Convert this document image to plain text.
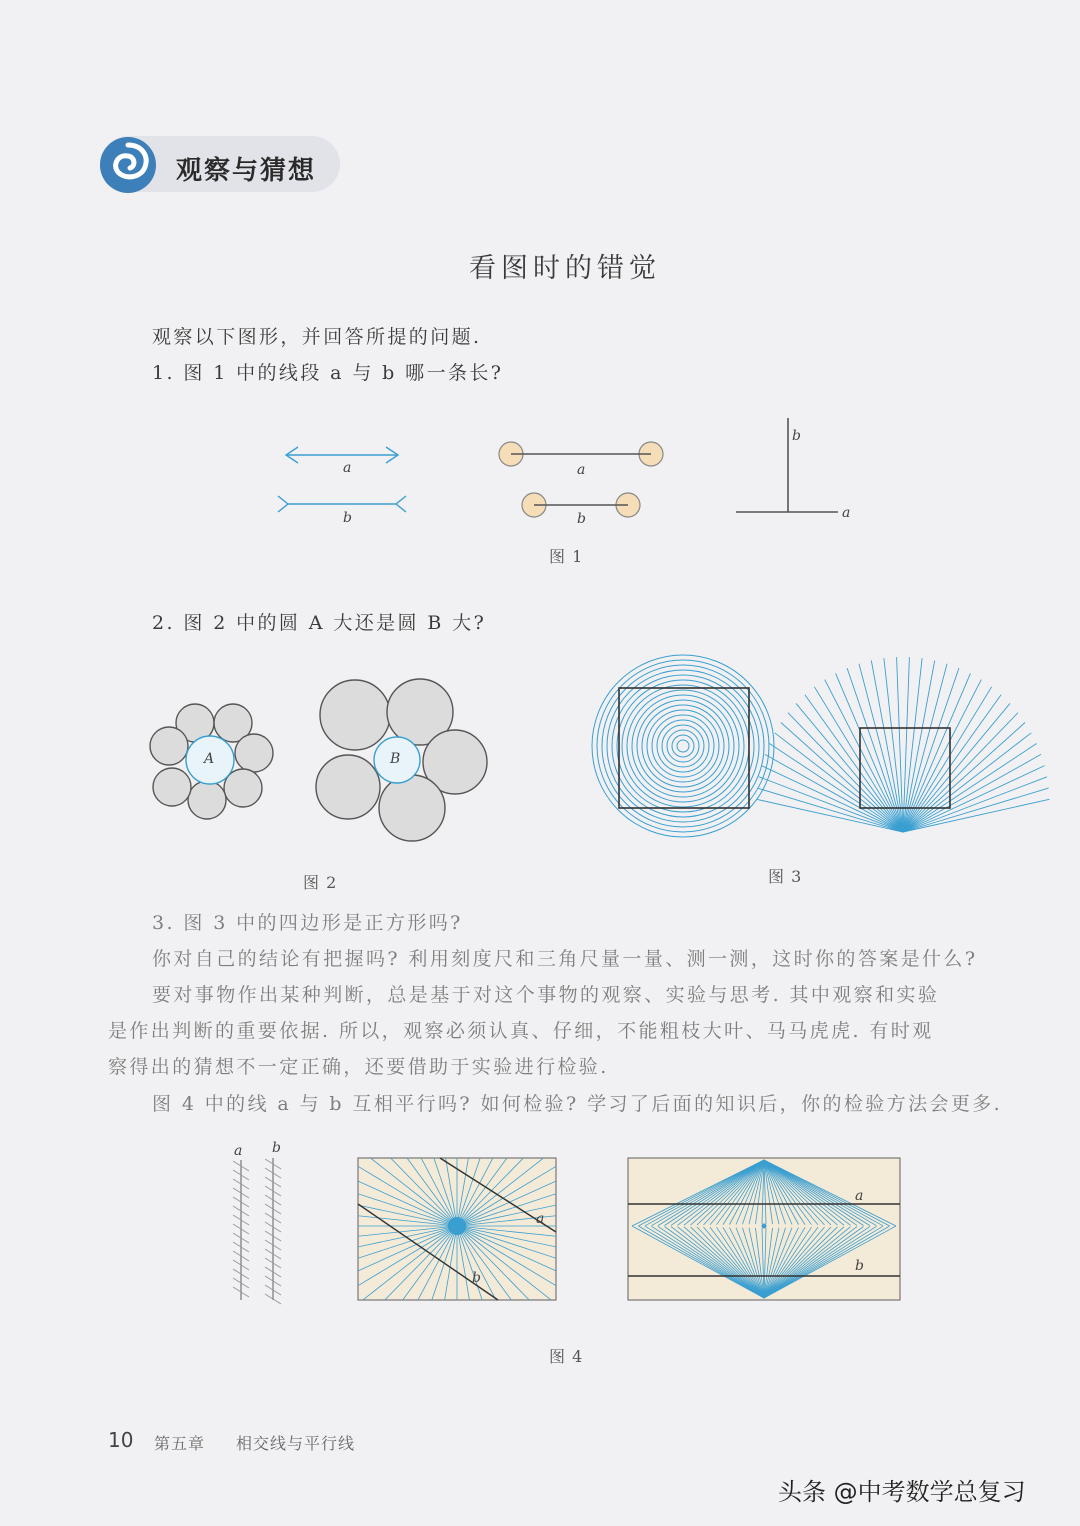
观察与猜想
看图时的错觉
观察以下图形，并回答所提的问题.
1. 图 1 中的线段 a 与 b 哪一条长?
a
b
a
b
b
a
图 1
2. 图 2 中的圆 A 大还是圆 B 大?
A	B
图 2	图 3
3. 图 3 中的四边形是正方形吗?
你对自己的结论有把握吗? 利用刻度尺和三角尺量一量、测一测，这时你的答案是什么?
要对事物作出某种判断，总是基于对这个事物的观察、实验与思考. 其中观察和实验
是作出判断的重要依据. 所以，观察必须认真、仔细，不能粗枝大叶、马马虎虎. 有时观
察得出的猜想不一定正确，还要借助于实验进行检验.
图 4 中的线 a 与 b 互相平行吗? 如何检验? 学习了后面的知识后，你的检验方法会更多.
a b
a
b
a
b
图 4
10 第五章 相交线与平行线
头条 @中考数学总复习
